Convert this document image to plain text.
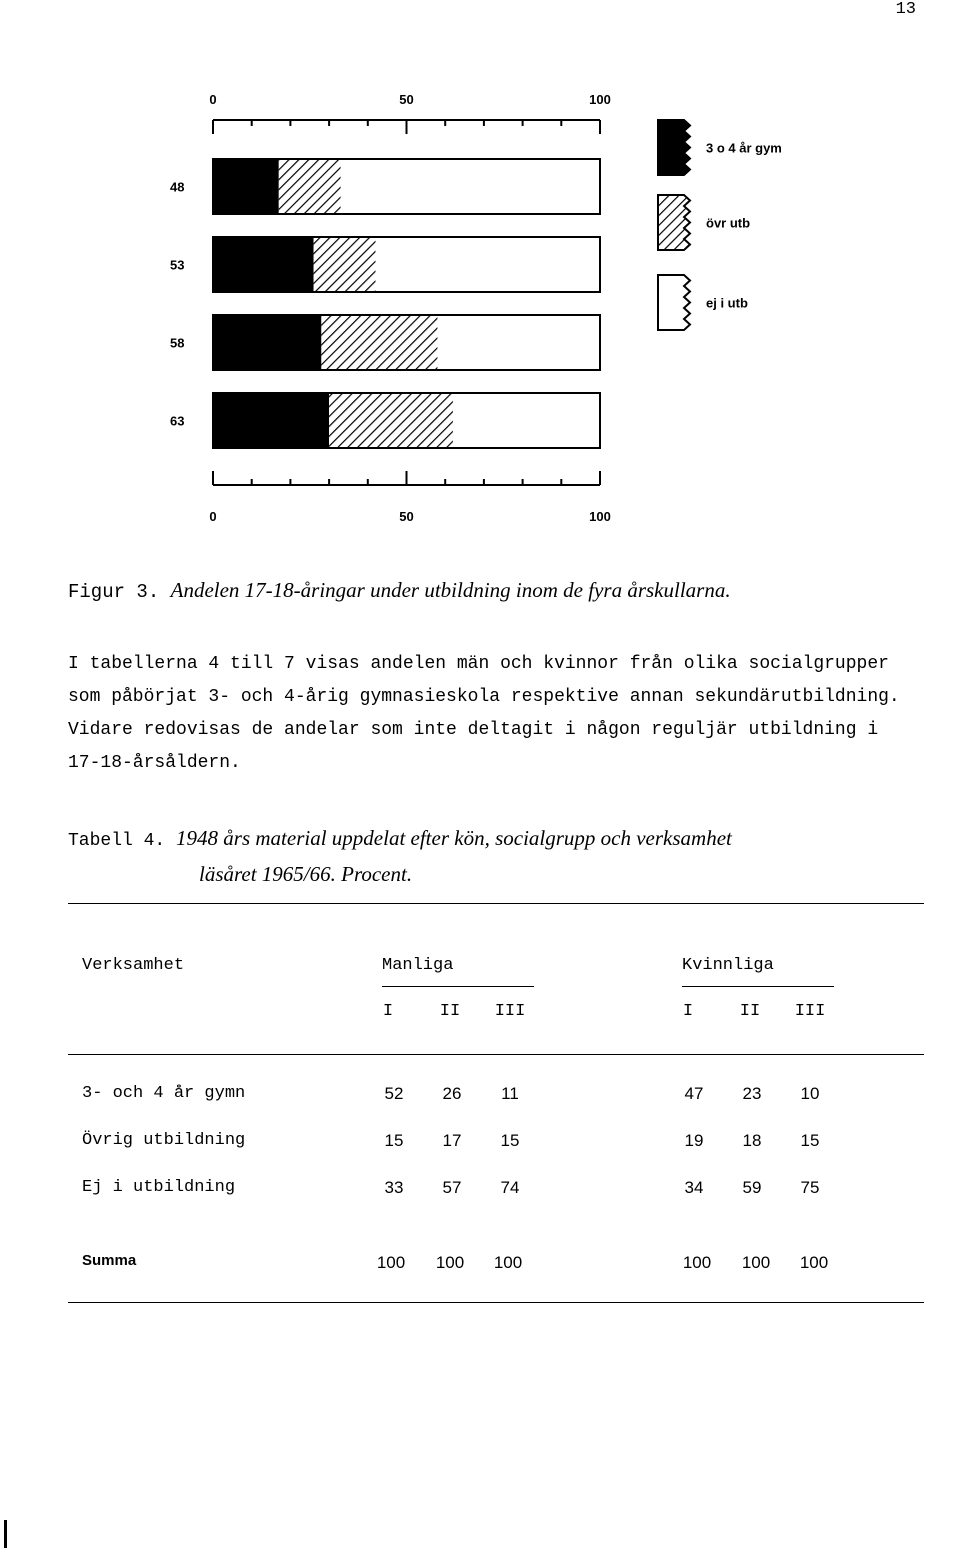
13
0	50	100
0	50	100
48
53
58
63
3 o 4 år gym
övr utb
ej i utb
Figur 3. Andelen 17-18-åringar under utbildning inom de fyra årskullarna.
I tabellerna 4 till 7 visas andelen män och kvinnor från olika socialgrupper
som påbörjat 3- och 4-årig gymnasieskola respektive annan sekundärutbildning.
Vidare redovisas de andelar som inte deltagit i någon reguljär utbildning i
17-18-årsåldern.
Tabell 4. 1948 års material uppdelat efter kön, socialgrupp och verksamhet
läsåret 1965/66. Procent.
Verksamhet	Manliga	Kvinnliga
I	II	III	I	II	III
3- och 4 år gymn	52	26	11	47	23	10
Övrig utbildning	15	17	15	19	18	15
Ej i utbildning	33	57	74	34	59	75
Summa	100	100	100	100	100	100
